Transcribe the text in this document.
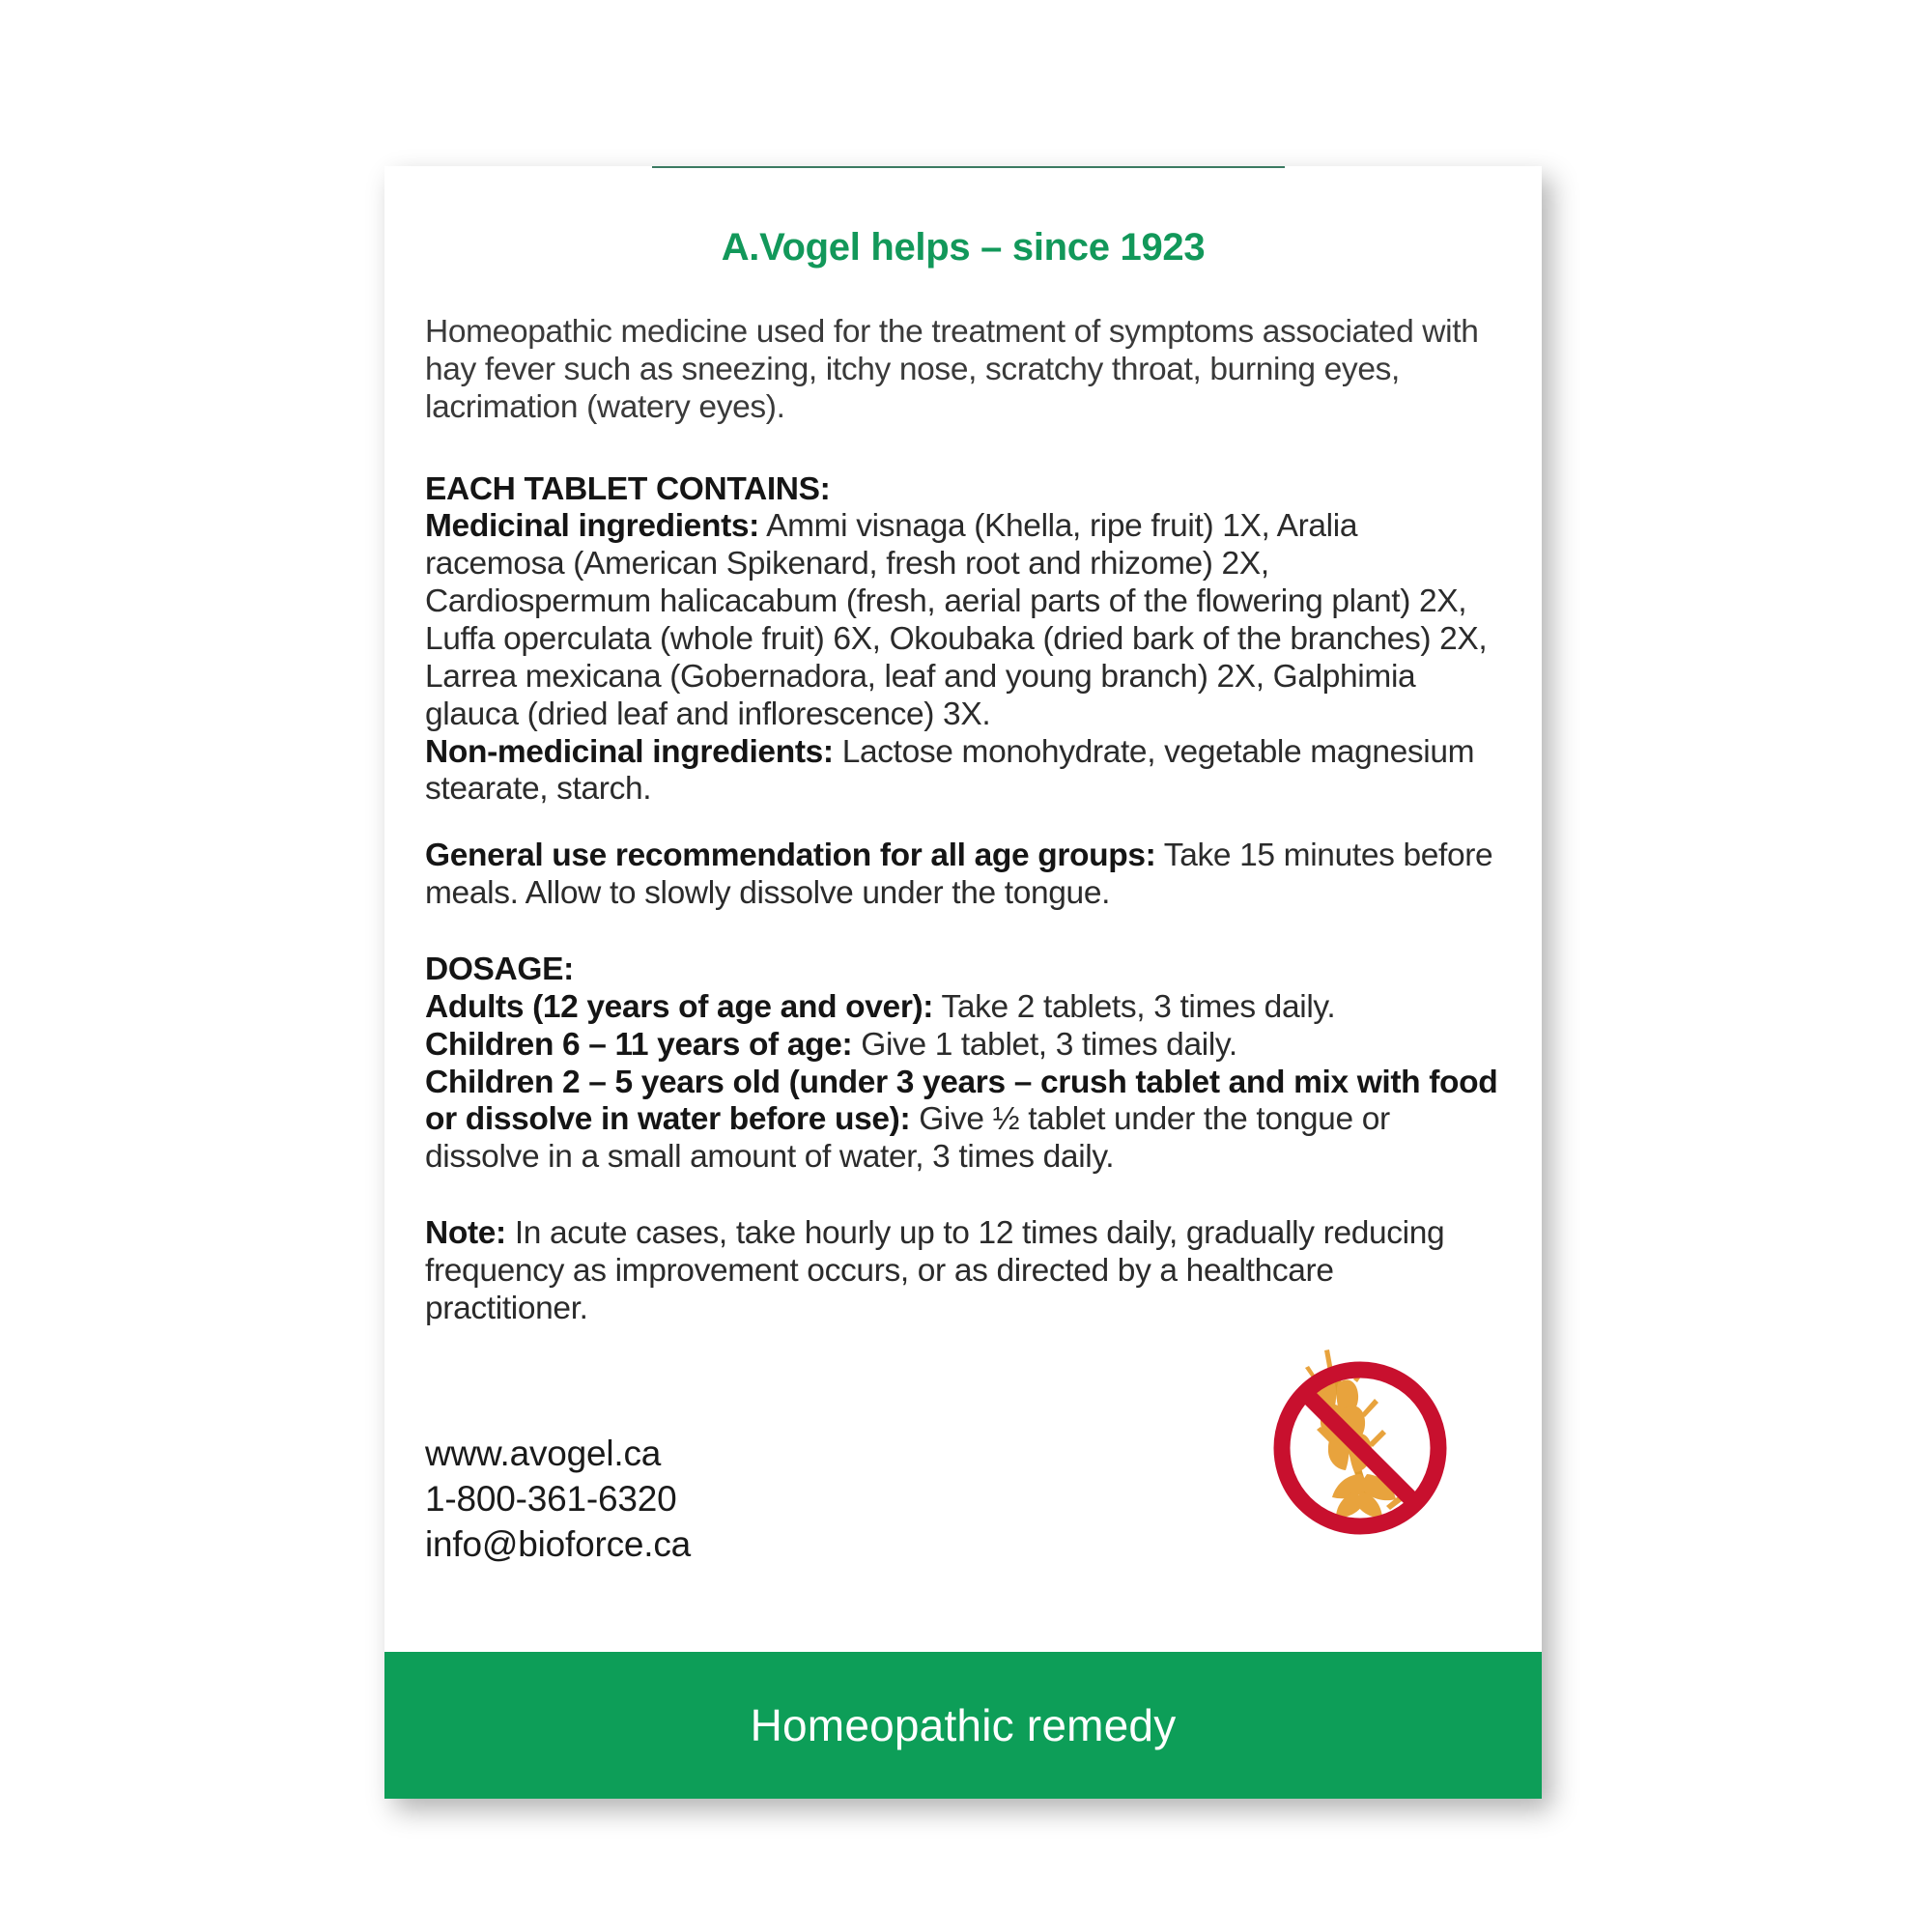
A.Vogel helps – since 1923
Homeopathic medicine used for the treatment of symptoms associated with hay fever such as sneezing, itchy nose, scratchy throat, burning eyes, lacrimation (watery eyes).
EACH TABLET CONTAINS:
Medicinal ingredients: Ammi visnaga (Khella, ripe fruit) 1X, Aralia racemosa (American Spikenard, fresh root and rhizome) 2X, Cardiospermum halicacabum (fresh, aerial parts of the flowering plant) 2X, Luffa operculata (whole fruit) 6X, Okoubaka (dried bark of the branches) 2X, Larrea mexicana (Gobernadora, leaf and young branch) 2X, Galphimia glauca (dried leaf and inflorescence) 3X.
Non-medicinal ingredients: Lactose monohydrate, vegetable magnesium stearate, starch.
General use recommendation for all age groups: Take 15 minutes before meals. Allow to slowly dissolve under the tongue.
DOSAGE:
Adults (12 years of age and over): Take 2 tablets, 3 times daily.
Children 6 – 11 years of age: Give 1 tablet, 3 times daily.
Children 2 – 5 years old (under 3 years – crush tablet and mix with food or dissolve in water before use): Give ½ tablet under the tongue or dissolve in a small amount of water, 3 times daily.
Note: In acute cases, take hourly up to 12 times daily, gradually reducing frequency as improvement occurs, or as directed by a healthcare practitioner.
www.avogel.ca
1-800-361-6320
info@bioforce.ca
Homeopathic remedy
